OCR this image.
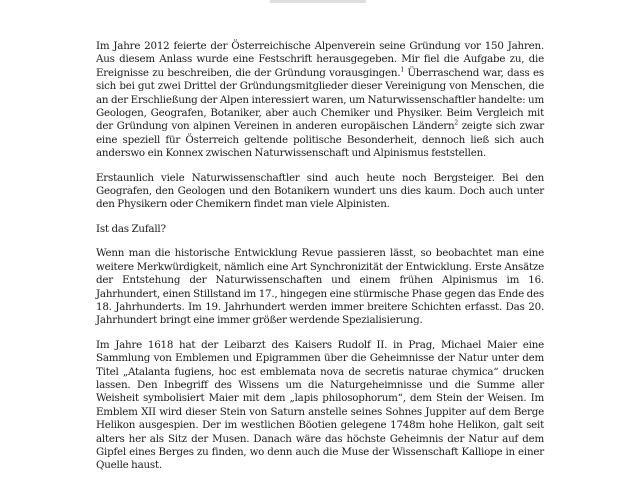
Im Jahre 2012 feierte der Österreichische Alpenverein seine Gründung vor 150 Jahren. Aus diesem Anlass wurde eine Festschrift herausgegeben. Mir fiel die Aufgabe zu, die Ereignisse zu beschreiben, die der Gründung vorausgingen.$^1$ Überraschend war, dass es sich bei gut zwei Drittel der Gründungsmitglieder dieser Vereinigung von Menschen, die an der Erschließung der Alpen interessiert waren, um Naturwissenschaftler handelte: um Geologen, Geografen, Botaniker, aber auch Chemiker und Physiker. Beim Vergleich mit der Gründung von alpinen Vereinen in anderen europäischen Ländern$^2$ zeigte sich zwar eine speziell für Österreich geltende politische Besonderheit, dennoch ließ sich auch anderswo ein Konnex zwischen Naturwissenschaft und Alpinismus feststellen.

Erstaunlich viele Naturwissenschaftler sind auch heute noch Bergsteiger. Bei den Geografen, den Geologen und den Botanikern wundert uns dies kaum. Doch auch unter den Physikern oder Chemikern findet man viele Alpinisten.

Ist das Zufall?

Wenn man die historische Entwicklung Revue passieren lässt, so beobachtet man eine weitere Merkwürdigkeit, nämlich eine Art Synchronizität der Entwicklung. Erste Ansätze der Entstehung der Naturwissenschaften und einem frühen Alpinismus im 16. Jahrhundert, einen Stillstand im 17., hingegen eine stürmische Phase gegen das Ende des 18. Jahrhunderts. Im 19. Jahrhundert werden immer breitere Schichten erfasst. Das 20. Jahrhundert bringt eine immer größer werdende Spezialisierung.

Im Jahre 1618 hat der Leibarzt des Kaisers Rudolf II. in Prag, Michael Maier eine Sammlung von Emblemen und Epigrammen über die Geheimnisse der Natur unter dem Titel „Atalanta fugiens, hoc est emblemata nova de secretis naturae chymica“ drucken lassen. Den Inbegriff des Wissens um die Naturgeheimnisse und die Summe aller Weisheit symbolisiert Maier mit dem „lapis philosophorum“, dem Stein der Weisen. Im Emblem XII wird dieser Stein von Saturn anstelle seines Sohnes Juppiter auf dem Berge Helikon ausgespien. Der im westlichen Böotien gelegene 1748m hohe Helikon, galt seit alters her als Sitz der Musen. Danach wäre das höchste Geheimnis der Natur auf dem Gipfel eines Berges zu finden, wo denn auch die Muse der Wissenschaft Kalliope in einer Quelle haust.
